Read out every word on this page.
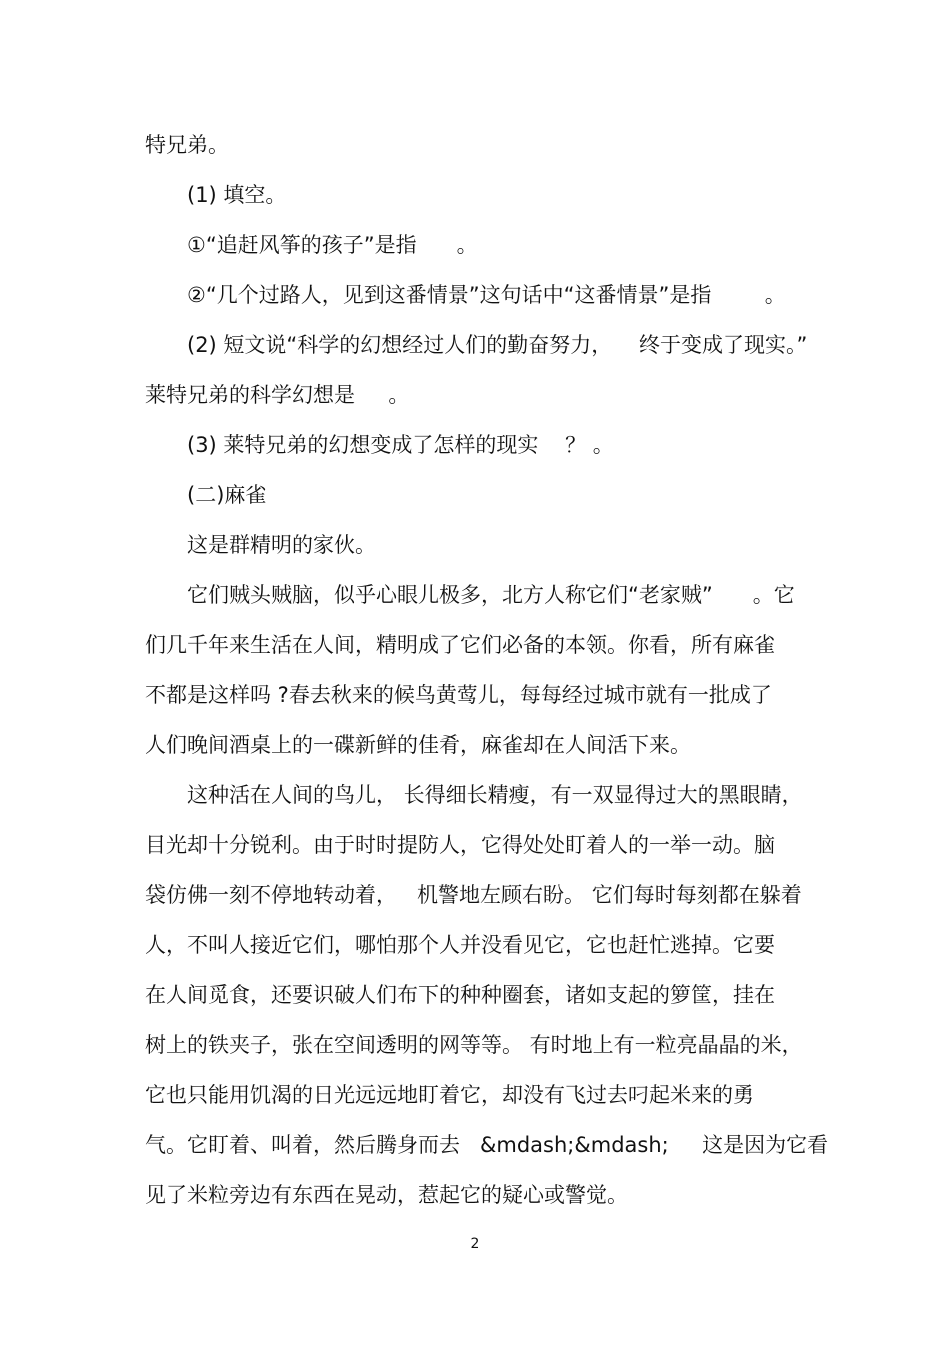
特兄弟。
(1) 填空。
①“追赶风筝的孩子”是指      。
②“几个过路人，见到这番情景”这句话中“这番情景”是指        。
(2) 短文说“科学的幻想经过人们的勤奋努力，    终于变成了现实。”
莱特兄弟的科学幻想是     。
(3) 莱特兄弟的幻想变成了怎样的现实    ？ 。
(二)麻雀
这是群精明的家伙。
它们贼头贼脑，似乎心眼儿极多，北方人称它们“老家贼”      。它
们几千年来生活在人间，精明成了它们必备的本领。你看，所有麻雀
不都是这样吗 ?春去秋来的候鸟黄莺儿，每每经过城市就有一批成了
人们晚间酒桌上的一碟新鲜的佳肴，麻雀却在人间活下来。
这种活在人间的鸟儿， 长得细长精瘦，有一双显得过大的黑眼睛，
目光却十分锐利。由于时时提防人，它得处处盯着人的一举一动。脑
袋仿佛一刻不停地转动着，   机警地左顾右盼。 它们每时每刻都在躲着
人，不叫人接近它们，哪怕那个人并没看见它，它也赶忙逃掉。它要
在人间觅食，还要识破人们布下的种种圈套，诸如支起的箩筐，挂在
树上的铁夹子，张在空间透明的网等等。 有时地上有一粒亮晶晶的米，
它也只能用饥渴的日光远远地盯着它，却没有飞过去叼起米来的勇
气。它盯着、叫着，然后腾身而去   &mdash;&mdash;     这是因为它看
见了米粒旁边有东西在晃动，惹起它的疑心或警觉。
2
